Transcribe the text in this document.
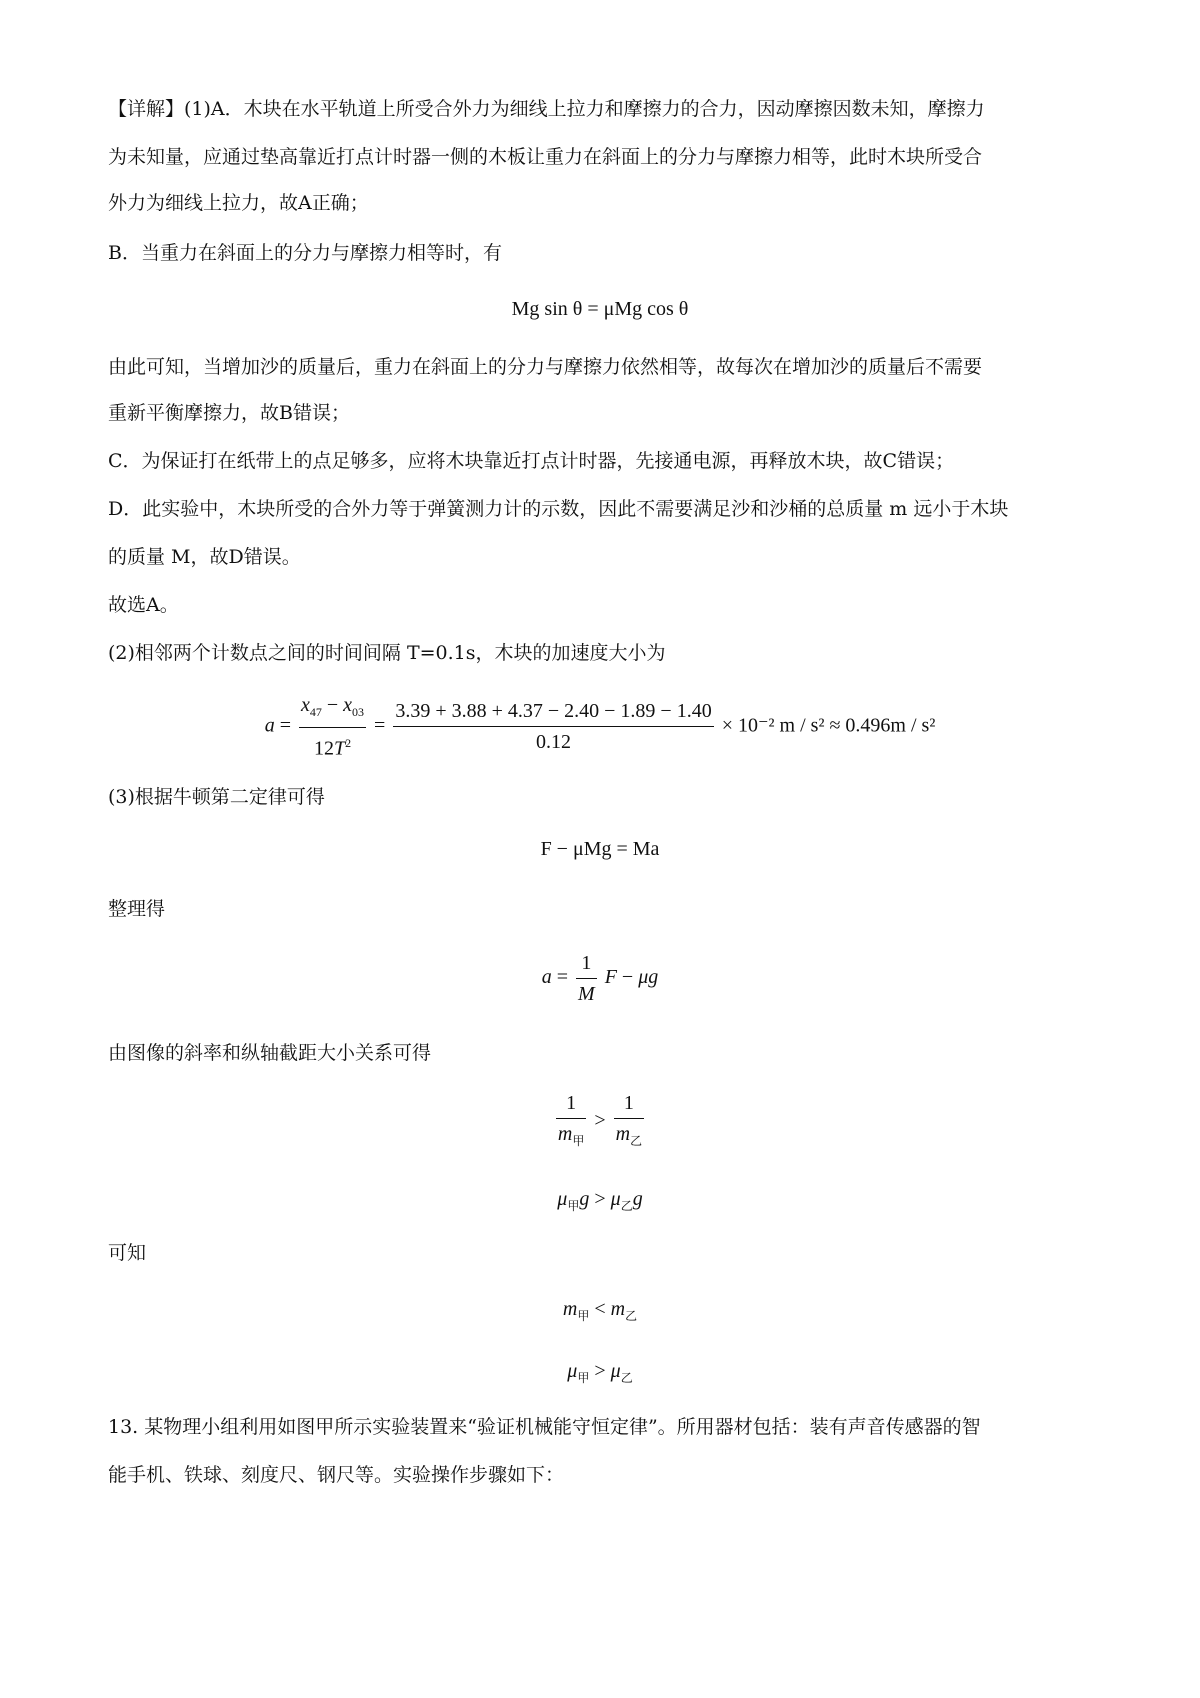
【详解】(1)A．木块在水平轨道上所受合外力为细线上拉力和摩擦力的合力，因动摩擦因数未知，摩擦力
为未知量，应通过垫高靠近打点计时器一侧的木板让重力在斜面上的分力与摩擦力相等，此时木块所受合
外力为细线上拉力，故A正确；
B．当重力在斜面上的分力与摩擦力相等时，有
Mg sin θ = μMg cos θ
由此可知，当增加沙的质量后，重力在斜面上的分力与摩擦力依然相等，故每次在增加沙的质量后不需要
重新平衡摩擦力，故B错误；
C．为保证打在纸带上的点足够多，应将木块靠近打点计时器，先接通电源，再释放木块，故C错误；
D．此实验中，木块所受的合外力等于弹簧测力计的示数，因此不需要满足沙和沙桶的总质量 m 远小于木块
的质量 M，故D错误。
故选A。
(2)相邻两个计数点之间的时间间隔 T=0.1s，木块的加速度大小为
$a = \frac{x_{47} - x_{03}}{12T^2} = \frac{3.39 + 3.88 + 4.37 - 2.40 - 1.89 - 1.40}{0.12} \times 10^{-2}$ m / s² ≈ 0.496m / s²
(3)根据牛顿第二定律可得
F − μMg = Ma
整理得
$a = \frac{1}{M}$ F − μg
由图像的斜率和纵轴截距大小关系可得
$\frac{1}{m_甲} > \frac{1}{m_乙}$
$\mu_甲g > \mu_乙g$
可知
$m_甲 < m_乙$
$\mu_甲 > \mu_乙$
13. 某物理小组利用如图甲所示实验装置来“验证机械能守恒定律”。所用器材包括：装有声音传感器的智
能手机、铁球、刻度尺、钢尺等。实验操作步骤如下：
